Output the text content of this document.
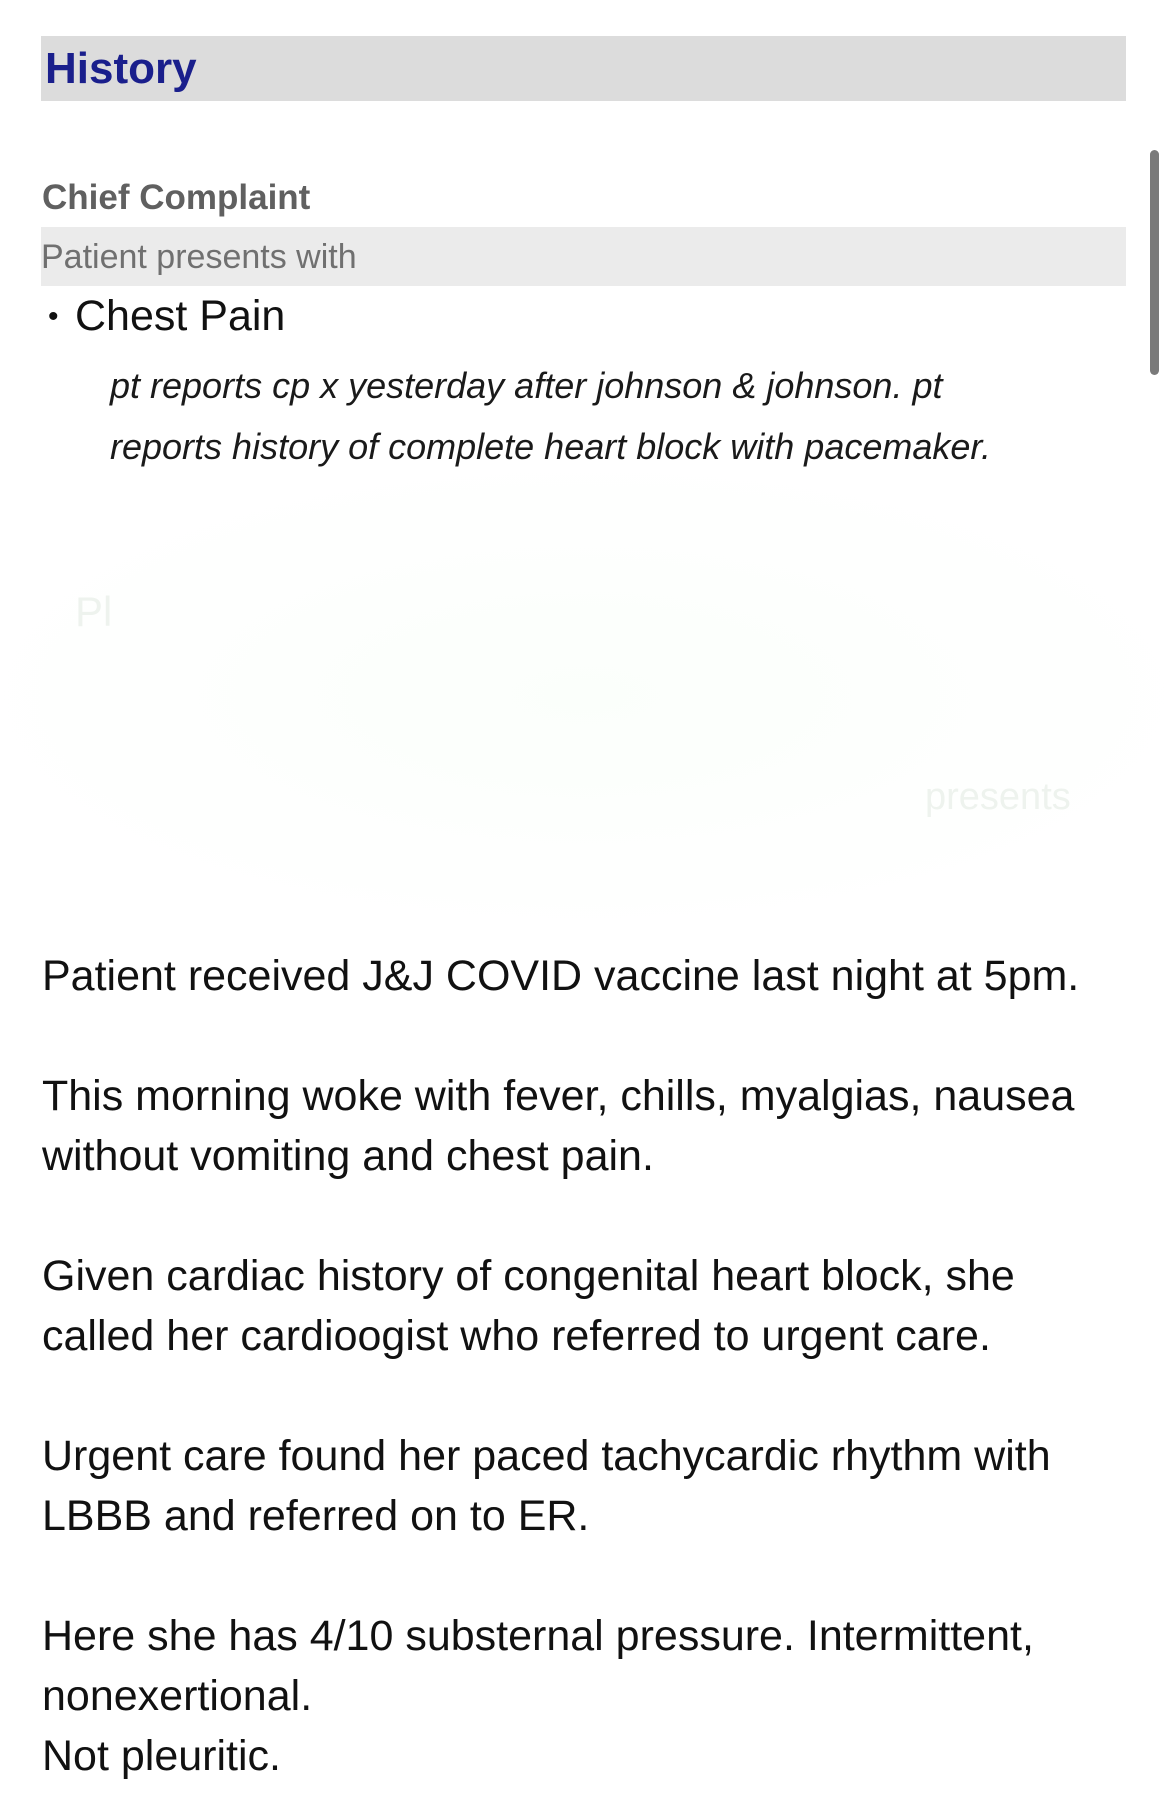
History
Chief Complaint
Patient presents with
• Chest Pain
pt reports cp x yesterday after johnson & johnson. pt
reports history of complete heart block with pacemaker.
Pl
presents

Patient received J&J COVID vaccine last night at 5pm.

This morning woke with fever, chills, myalgias, nausea
without vomiting and chest pain.

Given cardiac history of congenital heart block, she
called her cardioogist who referred to urgent care.

Urgent care found her paced tachycardic rhythm with
LBBB and referred on to ER.

Here she has 4/10 substernal pressure. Intermittent,
nonexertional.
Not pleuritic.
